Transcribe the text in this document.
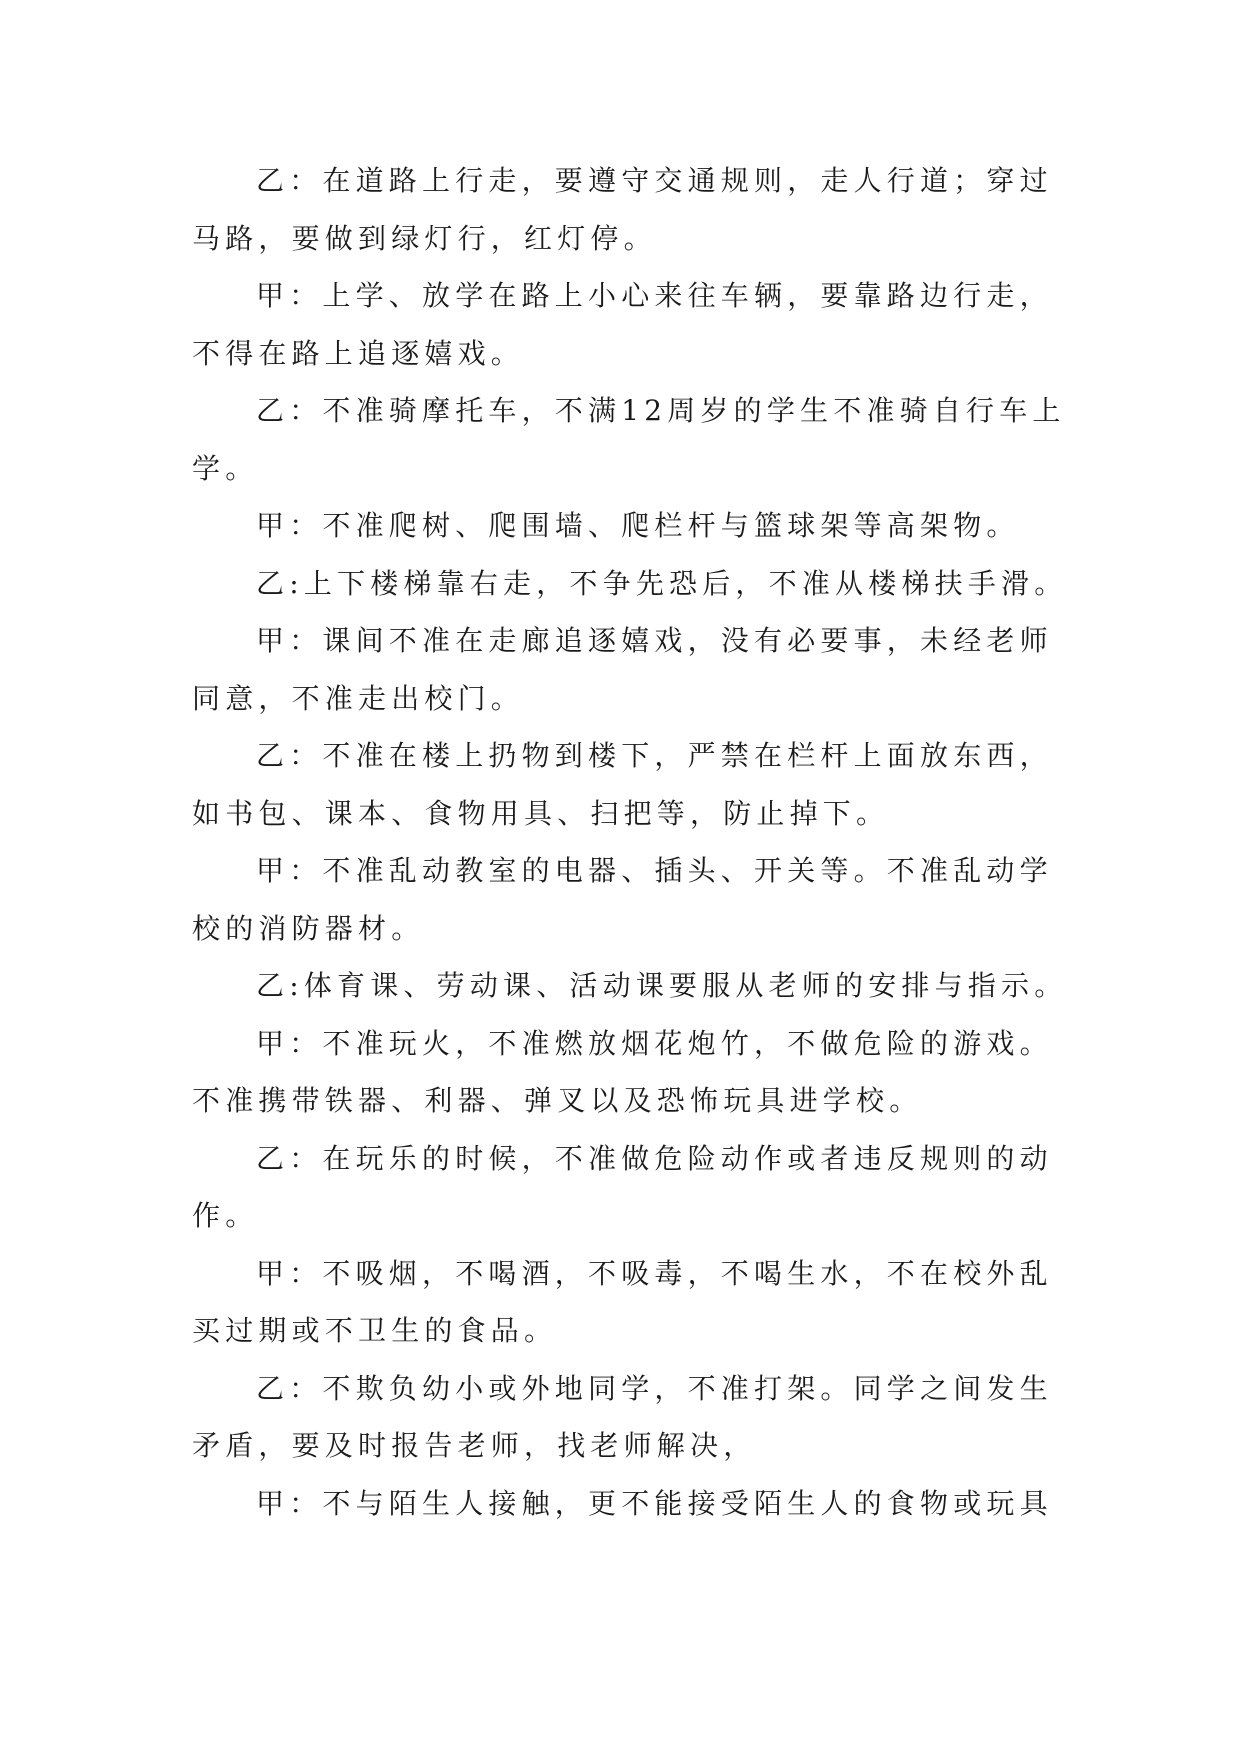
乙：在道路上行走，要遵守交通规则，走人行道；穿过马路，要做到绿灯行，红灯停。

甲：上学、放学在路上小心来往车辆，要靠路边行走，不得在路上追逐嬉戏。

乙：不准骑摩托车，不满12周岁的学生不准骑自行车上学。

甲：不准爬树、爬围墙、爬栏杆与篮球架等高架物。

乙:上下楼梯靠右走，不争先恐后，不准从楼梯扶手滑。

甲：课间不准在走廊追逐嬉戏，没有必要事，未经老师同意，不准走出校门。

乙：不准在楼上扔物到楼下，严禁在栏杆上面放东西，如书包、课本、食物用具、扫把等，防止掉下。

甲：不准乱动教室的电器、插头、开关等。不准乱动学校的消防器材。

乙:体育课、劳动课、活动课要服从老师的安排与指示。

甲：不准玩火，不准燃放烟花炮竹，不做危险的游戏。不准携带铁器、利器、弹叉以及恐怖玩具进学校。

乙：在玩乐的时候，不准做危险动作或者违反规则的动作。

甲：不吸烟，不喝酒，不吸毒，不喝生水，不在校外乱买过期或不卫生的食品。

乙：不欺负幼小或外地同学，不准打架。同学之间发生矛盾，要及时报告老师，找老师解决，

甲：不与陌生人接触，更不能接受陌生人的食物或玩具
